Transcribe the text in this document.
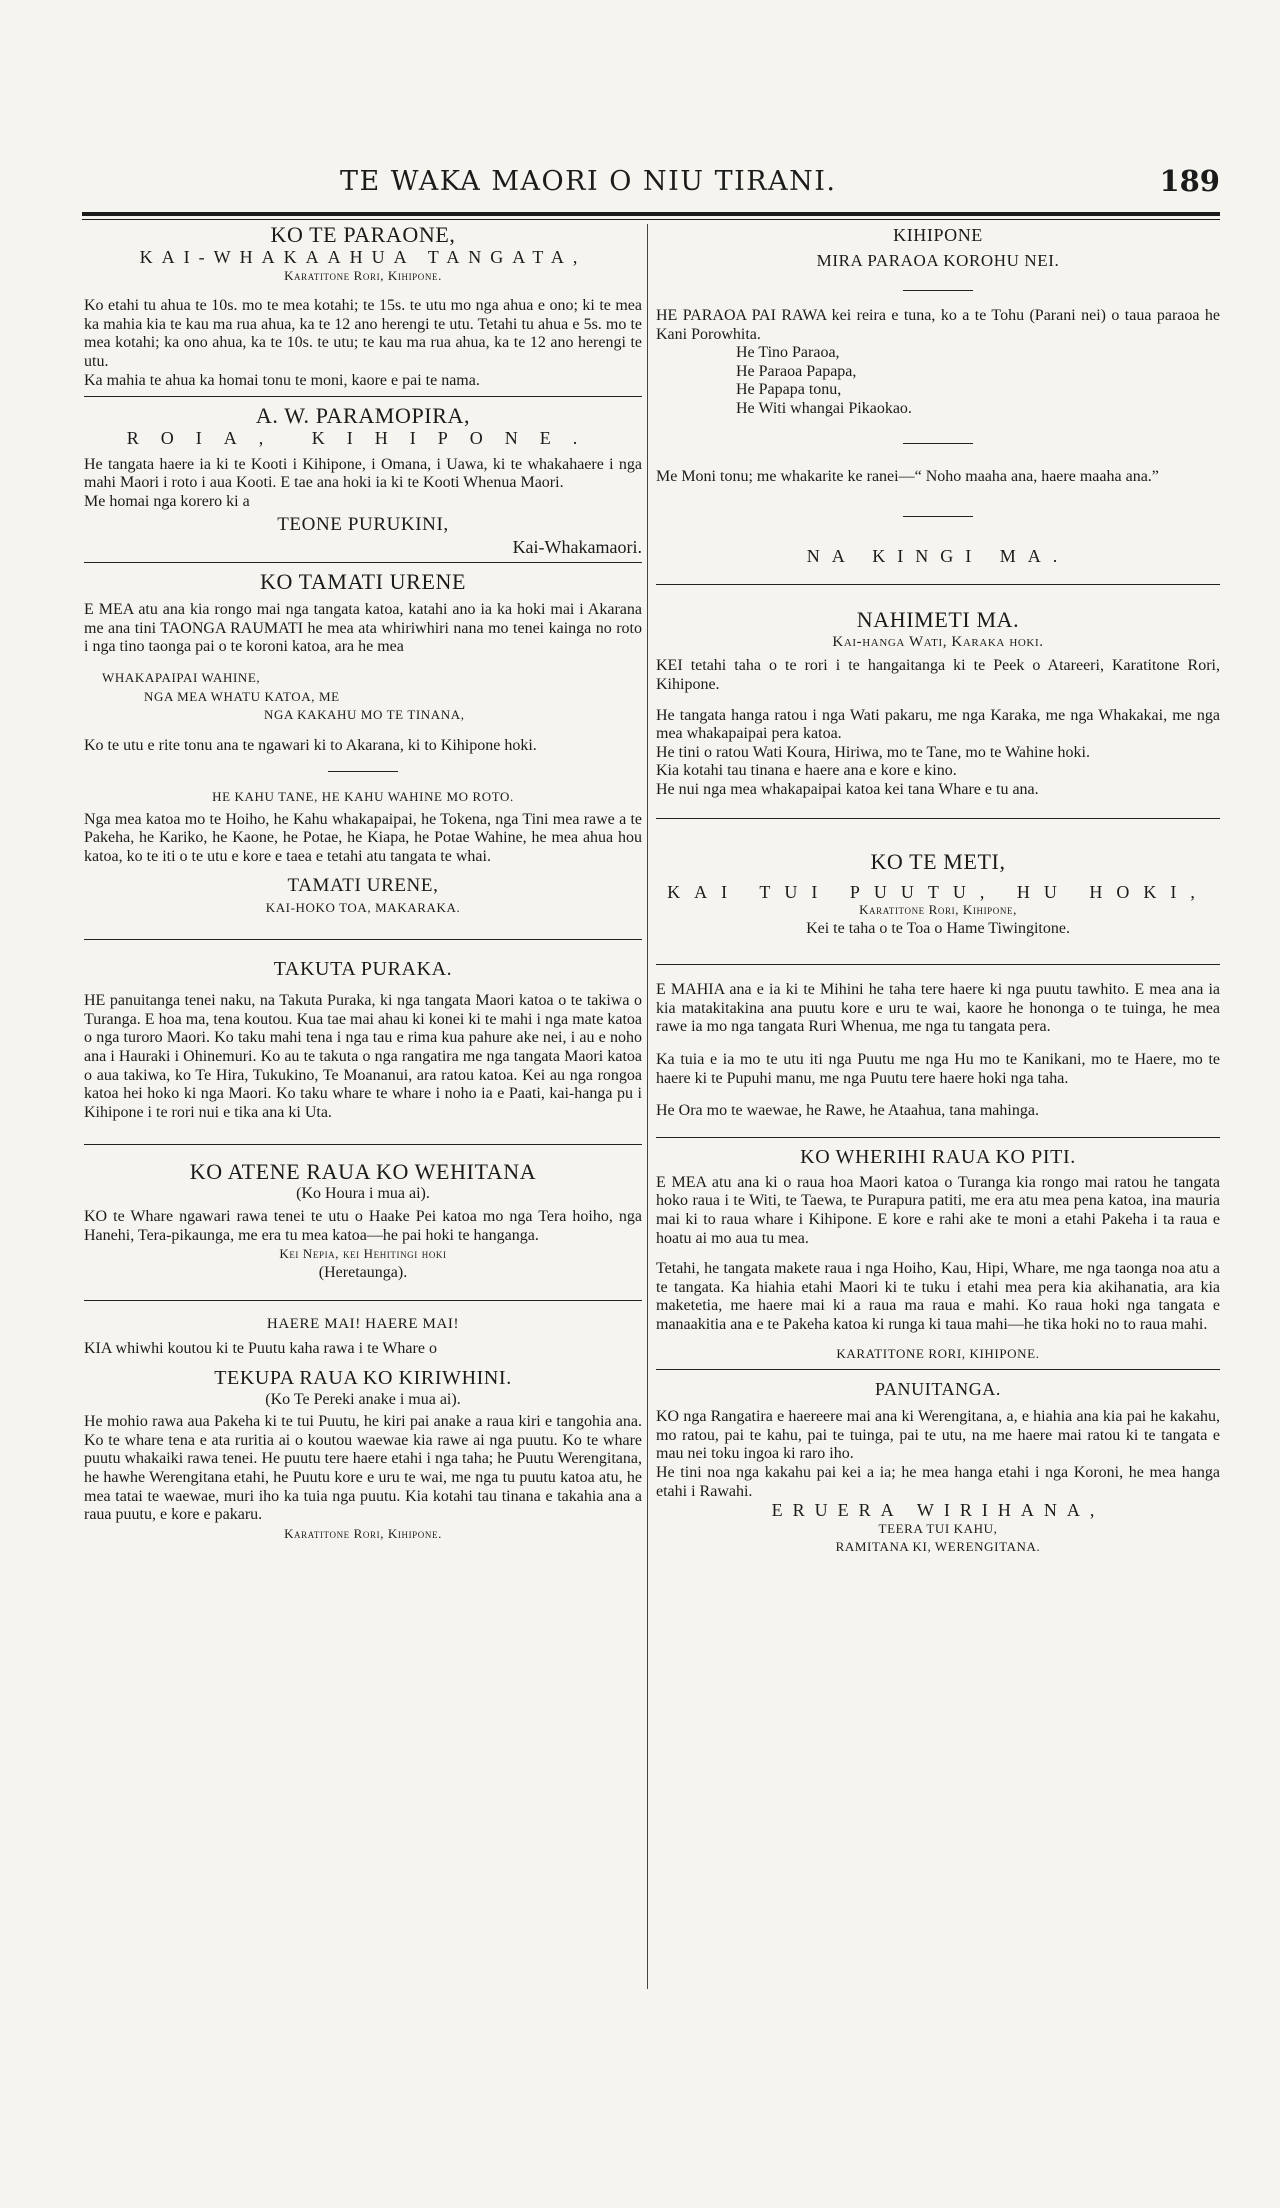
TE WAKA MAORI O NIU TIRANI.	189
KO TE PARAONE,
KAI-WHAKAAHUA TANGATA,
Karatitone Rori, Kihipone.

Ko etahi tu ahua te 10s. mo te mea kotahi; te 15s. te utu mo nga ahua e ono; ki te mea ka mahia kia te kau ma rua ahua, ka te 12 ano herengi te utu. Tetahi tu ahua e 5s. mo te mea kotahi; ka ono ahua, ka te 10s. te utu; te kau ma rua ahua, ka te 12 ano herengi te utu.

Ka mahia te ahua ka homai tonu te moni, kaore e pai te nama.

A. W. PARAMOPIRA,
ROIA, KIHIPONE.

He tangata haere ia ki te Kooti i Kihipone, i Omana, i Uawa, ki te whakahaere i nga mahi Maori i roto i aua Kooti. E tae ana hoki ia ki te Kooti Whenua Maori.

Me homai nga korero ki a

TEONE PURUKINI,
Kai-Whakamaori.
KO TAMATI URENE

E MEA atu ana kia rongo mai nga tangata katoa, katahi ano ia ka hoki mai i Akarana me ana tini TAONGA RAUMATI he mea ata whiriwhiri nana mo tenei kainga no roto i nga tino taonga pai o te koroni katoa, ara he mea

WHAKAPAIPAI WAHINE,
NGA MEA WHATU KATOA, ME
NGA KAKAHU MO TE TINANA,

Ko te utu e rite tonu ana te ngawari ki to Akarana, ki to Kihipone hoki.

HE KAHU TANE, HE KAHU WAHINE MO ROTO.

Nga mea katoa mo te Hoiho, he Kahu whakapaipai, he Tokena, nga Tini mea rawe a te Pakeha, he Kariko, he Kaone, he Potae, he Kiapa, he Potae Wahine, he mea ahua hou katoa, ko te iti o te utu e kore e taea e tetahi atu tangata te whai.

TAMATI URENE,
KAI-HOKO TOA, MAKARAKA.
TAKUTA PURAKA.

HE panuitanga tenei naku, na Takuta Puraka, ki nga tangata Maori katoa o te takiwa o Turanga. E hoa ma, tena koutou. Kua tae mai ahau ki konei ki te mahi i nga mate katoa o nga turoro Maori. Ko taku mahi tena i nga tau e rima kua pahure ake nei, i au e noho ana i Hauraki i Ohinemuri. Ko au te takuta o nga rangatira me nga tangata Maori katoa o aua takiwa, ko Te Hira, Tukukino, Te Moananui, ara ratou katoa. Kei au nga rongoa katoa hei hoko ki nga Maori. Ko taku whare te whare i noho ia e Paati, kai-hanga pu i Kihipone i te rori nui e tika ana ki Uta.

KO ATENE RAUA KO WEHITANA
(Ko Houra i mua ai).

KO te Whare ngawari rawa tenei te utu o Haake Pei katoa mo nga Tera hoiho, nga Hanehi, Tera-pikaunga, me era tu mea katoa—he pai hoki te hanganga.

Kei Nepia, kei Hehitingi hoki
(Heretaunga).
HAERE MAI! HAERE MAI!

KIA whiwhi koutou ki te Puutu kaha rawa i te Whare o

TEKUPA RAUA KO KIRIWHINI.
(Ko Te Pereki anake i mua ai).

He mohio rawa aua Pakeha ki te tui Puutu, he kiri pai anake a raua kiri e tangohia ana. Ko te whare tena e ata ruritia ai o koutou waewae kia rawe ai nga puutu. Ko te whare puutu whakaiki rawa tenei. He puutu tere haere etahi i nga taha; he Puutu Werengitana, he hawhe Werengitana etahi, he Puutu kore e uru te wai, me nga tu puutu katoa atu, he mea tatai te waewae, muri iho ka tuia nga puutu. Kia kotahi tau tinana e takahia ana a raua puutu, e kore e pakaru.

Karatitone Rori, Kihipone.
KIHIPONE
MIRA PARAOA KOROHU NEI.

HE PARAOA PAI RAWA kei reira e tuna, ko a te Tohu (Parani nei) o taua paraoa he Kani Porowhita.

He Tino Paraoa,
He Paraoa Papapa,
He Papapa tonu,
He Witi whangai Pikaokao.

Me Moni tonu; me whakarite ke ranei—“ Noho maaha ana, haere maaha ana.”

NA KINGI MA.
NAHIMETI MA.
Kai-hanga Wati, Karaka hoki.

KEI tetahi taha o te rori i te hangaitanga ki te Peek o Atareeri, Karatitone Rori, Kihipone.

He tangata hanga ratou i nga Wati pakaru, me nga Karaka, me nga Whakakai, me nga mea whakapaipai pera katoa.

He tini o ratou Wati Koura, Hiriwa, mo te Tane, mo te Wahine hoki.

Kia kotahi tau tinana e haere ana e kore e kino.

He nui nga mea whakapaipai katoa kei tana Whare e tu ana.

KO TE METI,
KAI TUI PUUTU, HU HOKI,
Karatitone Rori, Kihipone,
Kei te taha o te Toa o Hame Tiwingitone.

E MAHIA ana e ia ki te Mihini he taha tere haere ki nga puutu tawhito. E mea ana ia kia matakitakina ana puutu kore e uru te wai, kaore he hononga o te tuinga, he mea rawe ia mo nga tangata Ruri Whenua, me nga tu tangata pera.

Ka tuia e ia mo te utu iti nga Puutu me nga Hu mo te Kanikani, mo te Haere, mo te haere ki te Pupuhi manu, me nga Puutu tere haere hoki nga taha.

He Ora mo te waewae, he Rawe, he Ataahua, tana mahinga.

KO WHERIHI RAUA KO PITI.

E MEA atu ana ki o raua hoa Maori katoa o Turanga kia rongo mai ratou he tangata hoko raua i te Witi, te Taewa, te Purapura patiti, me era atu mea pena katoa, ina mauria mai ki to raua whare i Kihipone. E kore e rahi ake te moni a etahi Pakeha i ta raua e hoatu ai mo aua tu mea.

Tetahi, he tangata makete raua i nga Hoiho, Kau, Hipi, Whare, me nga taonga noa atu a te tangata. Ka hiahia etahi Maori ki te tuku i etahi mea pera kia akihanatia, ara kia maketetia, me haere mai ki a raua ma raua e mahi. Ko raua hoki nga tangata e manaakitia ana e te Pakeha katoa ki runga ki taua mahi—he tika hoki no to raua mahi.

KARATITONE RORI, KIHIPONE.
PANUITANGA.

KO nga Rangatira e haereere mai ana ki Werengitana, a, e hiahia ana kia pai he kakahu, mo ratou, pai te kahu, pai te tuinga, pai te utu, na me haere mai ratou ki te tangata e mau nei toku ingoa ki raro iho.

He tini noa nga kakahu pai kei a ia; he mea hanga etahi i nga Koroni, he mea hanga etahi i Rawahi.

ERUERA WIRIHANA,
TEERA TUI KAHU,
RAMITANA KI, WERENGITANA.
